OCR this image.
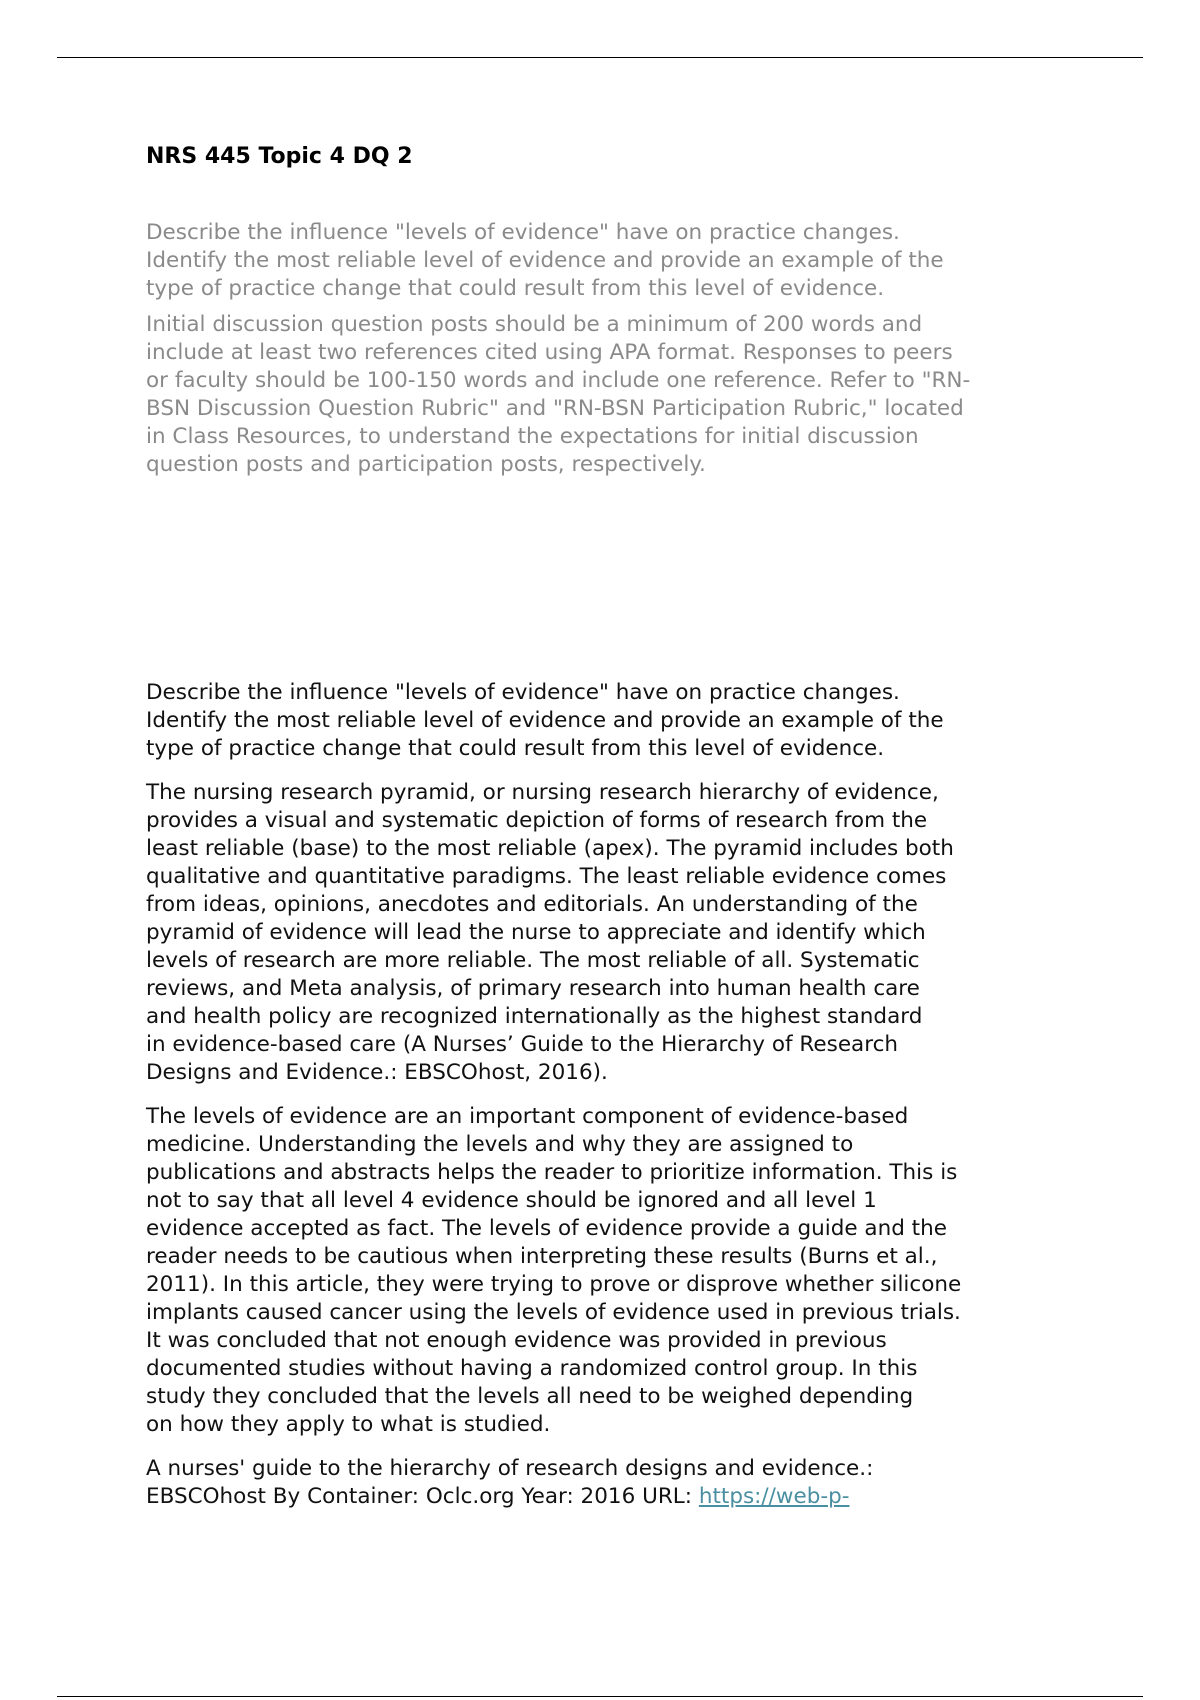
NRS 445 Topic 4 DQ 2

Describe the influence "levels of evidence" have on practice changes.
Identify the most reliable level of evidence and provide an example of the
type of practice change that could result from this level of evidence.

Initial discussion question posts should be a minimum of 200 words and
include at least two references cited using APA format. Responses to peers
or faculty should be 100-150 words and include one reference. Refer to "RN-
BSN Discussion Question Rubric" and "RN-BSN Participation Rubric," located
in Class Resources, to understand the expectations for initial discussion
question posts and participation posts, respectively.

Describe the influence "levels of evidence" have on practice changes.
Identify the most reliable level of evidence and provide an example of the
type of practice change that could result from this level of evidence.

The nursing research pyramid, or nursing research hierarchy of evidence,
provides a visual and systematic depiction of forms of research from the
least reliable (base) to the most reliable (apex). The pyramid includes both
qualitative and quantitative paradigms. The least reliable evidence comes
from ideas, opinions, anecdotes and editorials. An understanding of the
pyramid of evidence will lead the nurse to appreciate and identify which
levels of research are more reliable. The most reliable of all. Systematic
reviews, and Meta analysis, of primary research into human health care
and health policy are recognized internationally as the highest standard
in evidence-based care (A Nurses’ Guide to the Hierarchy of Research
Designs and Evidence.: EBSCOhost, 2016).

The levels of evidence are an important component of evidence-based
medicine. Understanding the levels and why they are assigned to
publications and abstracts helps the reader to prioritize information. This is
not to say that all level 4 evidence should be ignored and all level 1
evidence accepted as fact. The levels of evidence provide a guide and the
reader needs to be cautious when interpreting these results (Burns et al.,
2011). In this article, they were trying to prove or disprove whether silicone
implants caused cancer using the levels of evidence used in previous trials.
It was concluded that not enough evidence was provided in previous
documented studies without having a randomized control group. In this
study they concluded that the levels all need to be weighed depending
on how they apply to what is studied.

A nurses' guide to the hierarchy of research designs and evidence.:
EBSCOhost By Container: Oclc.org Year: 2016 URL: https://web-p-
